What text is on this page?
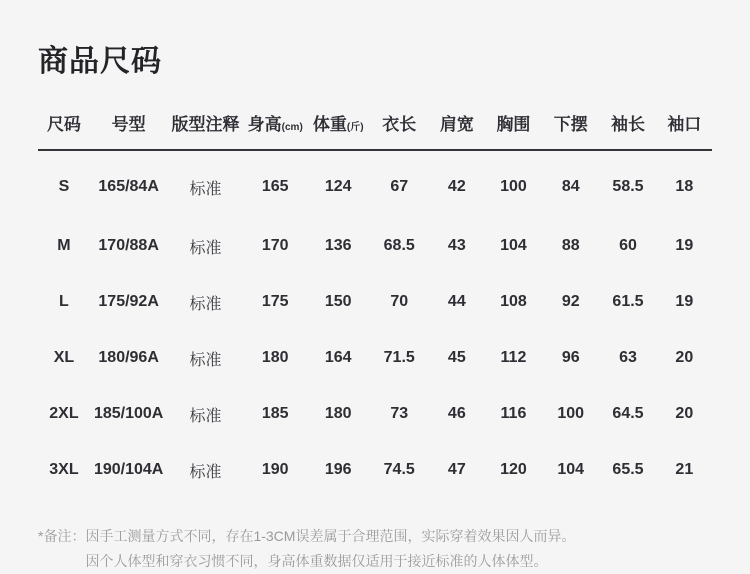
商品尺码
尺码	号型	版型注释	身高(cm)	体重(斤)	衣长	肩宽	胸围	下摆	袖长	袖口
S	165/84A	标准	165	124	67	42	100	84	58.5	18
M	170/88A	标准	170	136	68.5	43	104	88	60	19
L	175/92A	标准	175	150	70	44	108	92	61.5	19
XL	180/96A	标准	180	164	71.5	45	112	96	63	20
2XL	185/100A	标准	185	180	73	46	116	100	64.5	20
3XL	190/104A	标准	190	196	74.5	47	120	104	65.5	21
*备注： 因手工测量方式不同，存在1-3CM误差属于合理范围，实际穿着效果因人而异。
因个人体型和穿衣习惯不同，身高体重数据仅适用于接近标准的人体体型。
